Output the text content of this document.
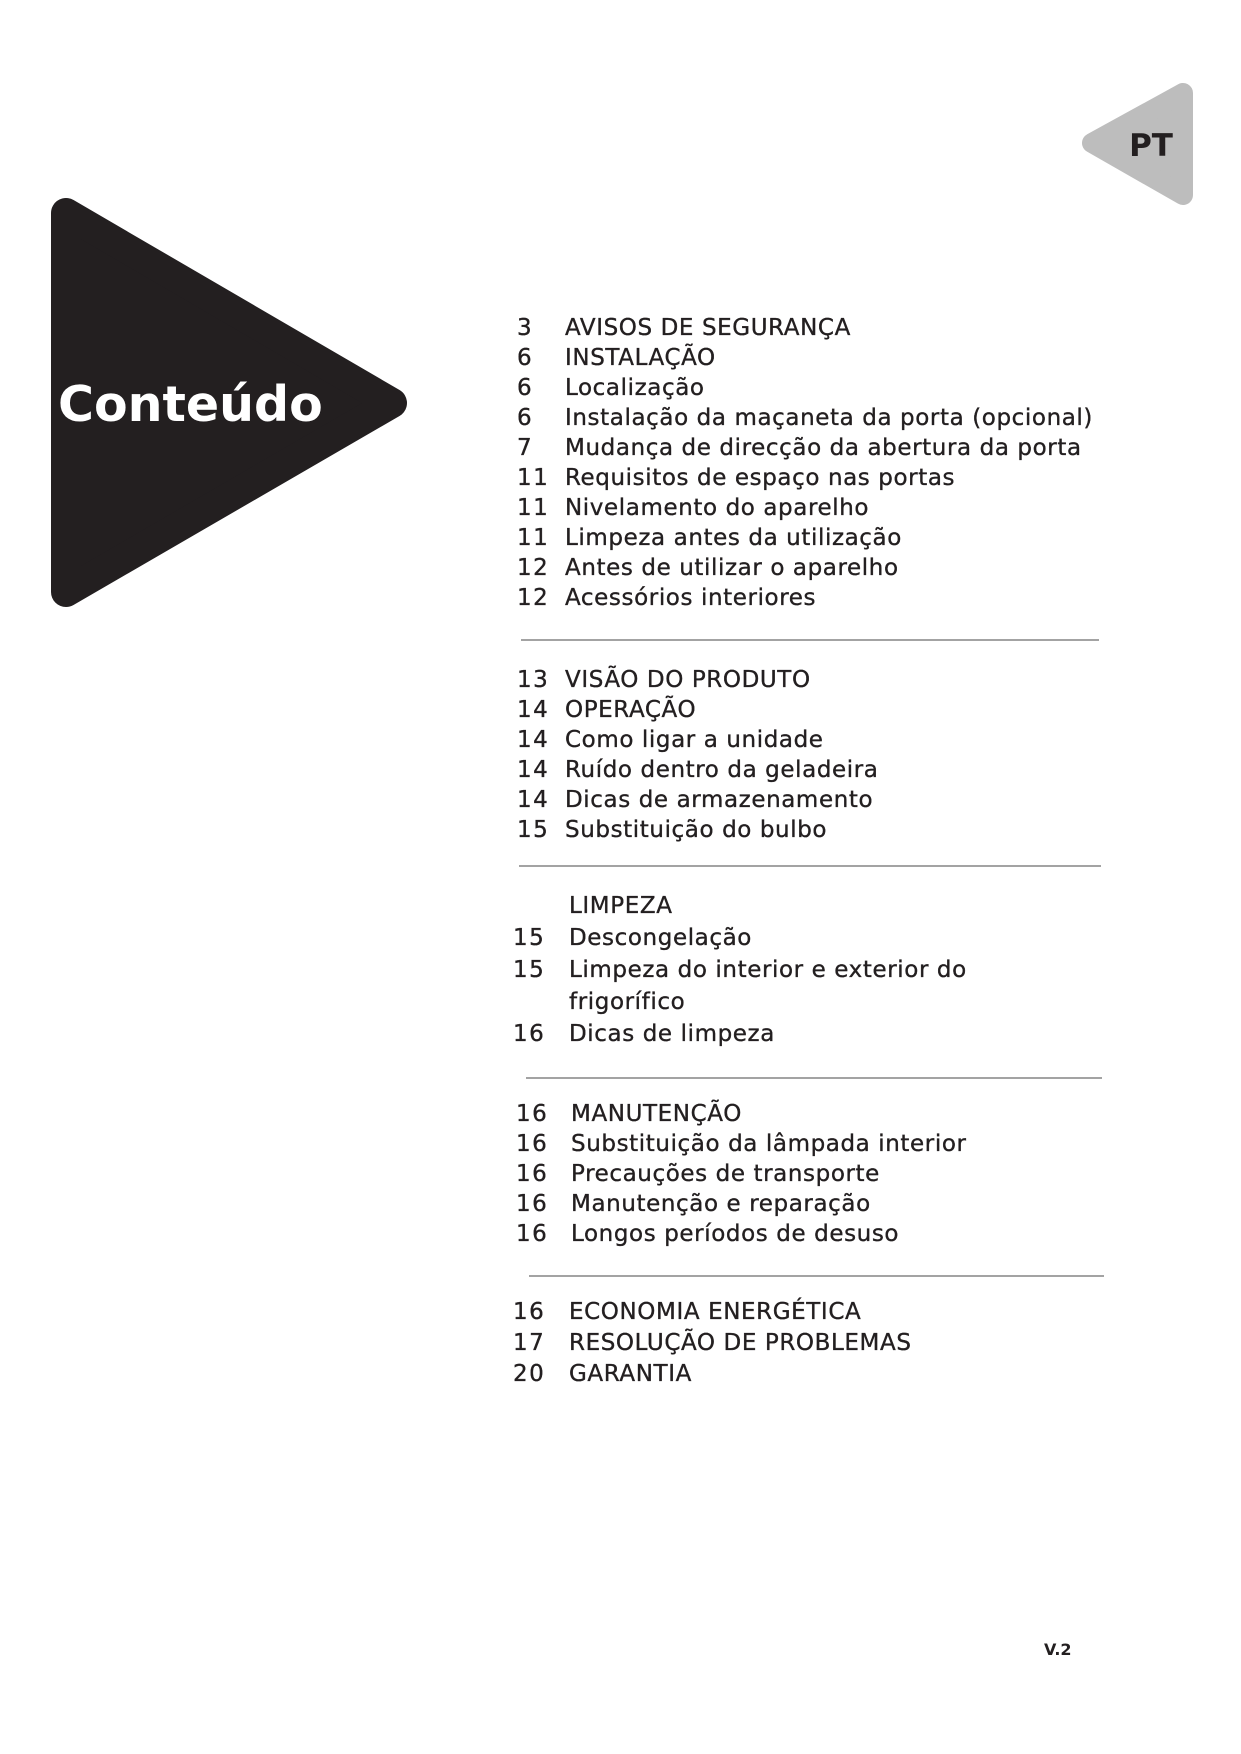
Conteúdo
PT
3	AVISOS DE SEGURANÇA
6	INSTALAÇÃO
6	Localização
6	Instalação da maçaneta da porta (opcional)
7	Mudança de direcção da abertura da porta
11 Requisitos de espaço nas portas
11 Nivelamento do aparelho
11 Limpeza antes da utilização
12 Antes de utilizar o aparelho
12 Acessórios interiores
13 VISÃO DO PRODUTO
14 OPERAÇÃO
14 Como ligar a unidade
14 Ruído dentro da geladeira
14 Dicas de armazenamento
15 Substituição do bulbo
LIMPEZA
15	Descongelação
15	Limpeza do interior e exterior do frigorífico
16	Dicas de limpeza
16 MANUTENÇÃO
16 Substituição da lâmpada interior
16 Precauções de transporte
16 Manutenção e reparação
16 Longos períodos de desuso
16	ECONOMIA ENERGÉTICA
17	RESOLUÇÃO DE PROBLEMAS
20	GARANTIA
V.2
